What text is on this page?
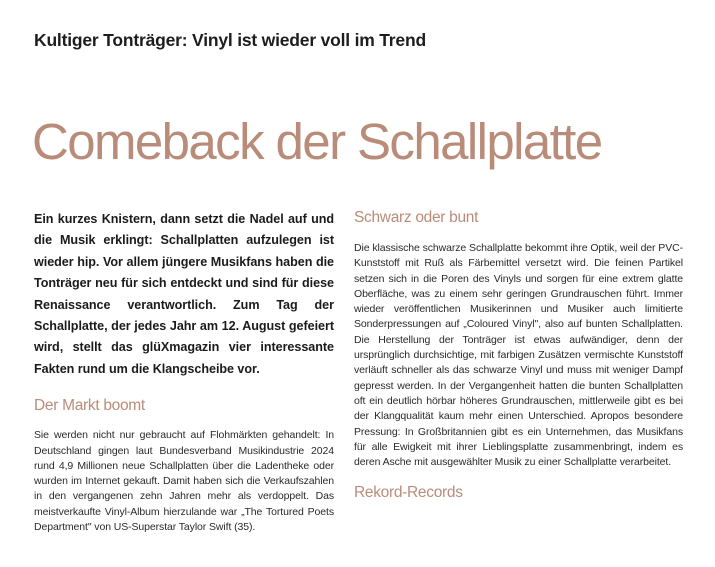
Kultiger Tonträger: Vinyl ist wieder voll im Trend
Comeback der Schallplatte

Ein kurzes Knistern, dann setzt die Nadel auf und die Musik erklingt: Schallplatten aufzulegen ist wieder hip. Vor allem jüngere Musikfans haben die Tonträger neu für sich entdeckt und sind für diese Renaissance verantwortlich. Zum Tag der Schallplatte, der jedes Jahr am 12. August gefeiert wird, stellt das glüXmagazin vier interessante Fakten rund um die Klangscheibe vor.

Der Markt boomt

Sie werden nicht nur gebraucht auf Flohmärkten gehandelt: In Deutschland gingen laut Bundesverband Musikindustrie 2024 rund 4,9 Millionen neue Schallplatten über die Ladentheke oder wurden im Internet gekauft. Damit haben sich die Verkaufszahlen in den vergangenen zehn Jahren mehr als verdoppelt. Das meistverkaufte Vinyl-Album hierzulande war „The Tortured Poets Department" von US-Superstar Taylor Swift (35).

Schwarz oder bunt

Die klassische schwarze Schallplatte bekommt ihre Optik, weil der PVC-Kunststoff mit Ruß als Färbemittel versetzt wird. Die feinen Partikel setzen sich in die Poren des Vinyls und sorgen für eine extrem glatte Oberfläche, was zu einem sehr geringen Grundrauschen führt. Immer wieder veröffentlichen Musikerinnen und Musiker auch limitierte Sonderpressungen auf „Coloured Vinyl", also auf bunten Schallplatten. Die Herstellung der Tonträger ist etwas aufwändiger, denn der ursprünglich durchsichtige, mit farbigen Zusätzen vermischte Kunststoff verläuft schneller als das schwarze Vinyl und muss mit weniger Dampf gepresst werden. In der Vergangenheit hatten die bunten Schallplatten oft ein deutlich hörbar höheres Grundrauschen, mittlerweile gibt es bei der Klangqualität kaum mehr einen Unterschied. Apropos besondere Pressung: In Großbritannien gibt es ein Unternehmen, das Musikfans für alle Ewigkeit mit ihrer Lieblingsplatte zusammenbringt, indem es deren Asche mit ausgewählter Musik zu einer Schallplatte verarbeitet.

Rekord-Records
